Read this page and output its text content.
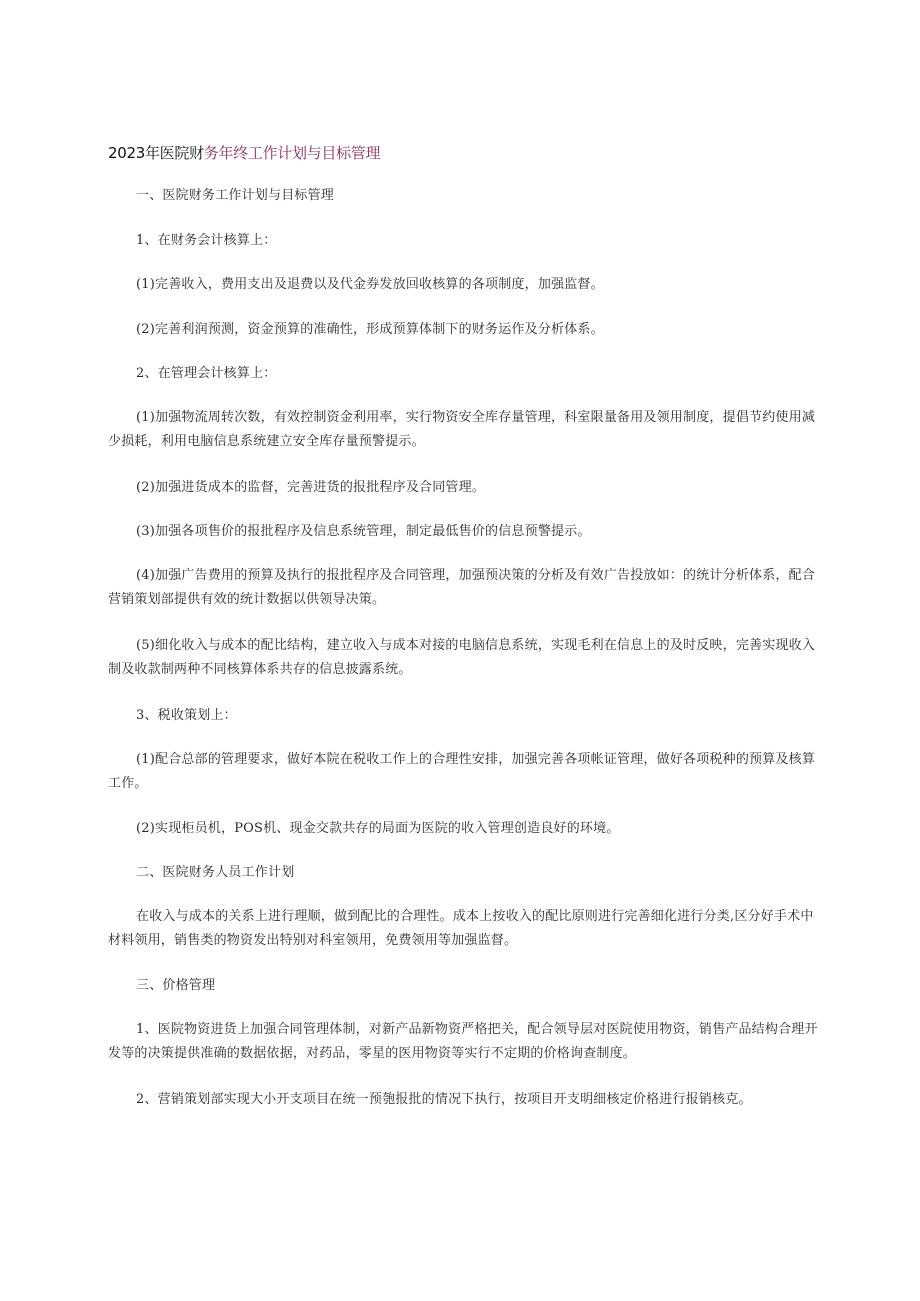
2023年医院财务年终工作计划与目标管理

一、医院财务工作计划与目标管理

1、在财务会计核算上：

(1)完善收入，费用支出及退费以及代金券发放回收核算的各项制度，加强监督。

(2)完善利润预测，资金预算的准确性，形成预算体制下的财务运作及分析体系。

2、在管理会计核算上：

(1)加强物流周转次数，有效控制资金利用率，实行物资安全库存量管理，科室限量备用及领用制度，提倡节约使用减少损耗，利用电脑信息系统建立安全库存量预警提示。

(2)加强进货成本的监督，完善进货的报批程序及合同管理。

(3)加强各项售价的报批程序及信息系统管理，制定最低售价的信息预警提示。

(4)加强广告费用的预算及执行的报批程序及合同管理，加强预决策的分析及有效广告投放如：的统计分析体系，配合营销策划部提供有效的统计数据以供领导决策。

(5)细化收入与成本的配比结构，建立收入与成本对接的电脑信息系统，实现毛利在信息上的及时反映，完善实现收入制及收款制两种不同核算体系共存的信息披露系统。

3、税收策划上：

(1)配合总部的管理要求，做好本院在税收工作上的合理性安排，加强完善各项帐证管理，做好各项税种的预算及核算工作。

(2)实现柜员机，POS机、现金交款共存的局面为医院的收入管理创造良好的环境。

二、医院财务人员工作计划

在收入与成本的关系上进行理顺，做到配比的合理性。成本上按收入的配比原则进行完善细化进行分类,区分好手术中材料领用，销售类的物资发出特别对科室领用，免费领用等加强监督。

三、价格管理

1、医院物资进货上加强合同管理体制，对新产品新物资严格把关，配合领导层对医院使用物资，销售产品结构合理开发等的决策提供准确的数据依据，对药品，零星的医用物资等实行不定期的价格询查制度。

2、营销策划部实现大小开支项目在统一预匏报批的情况下执行，按项目开支明细核定价格进行报销核克。
